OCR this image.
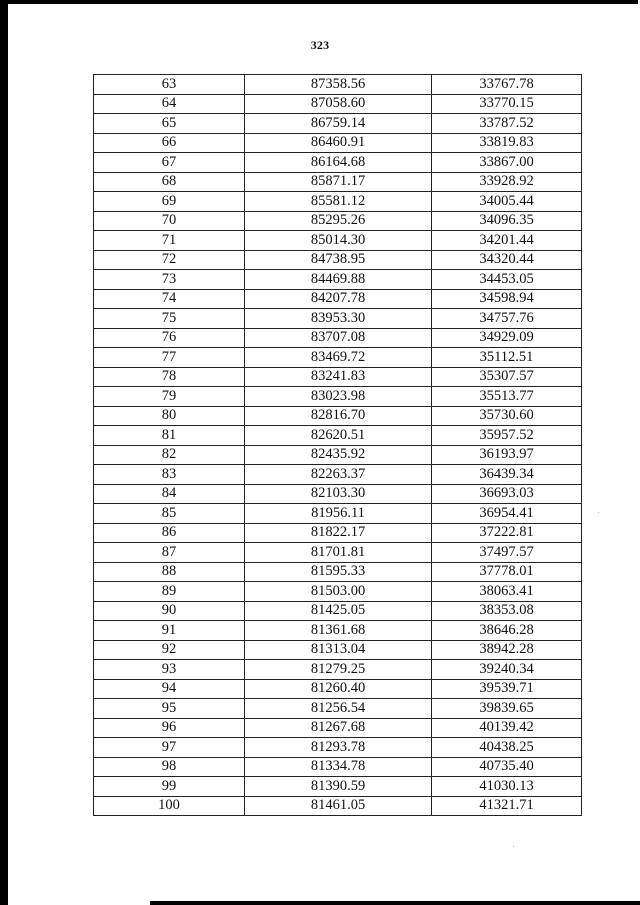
323
63	87358.56	33767.78
64	87058.60	33770.15
65	86759.14	33787.52
66	86460.91	33819.83
67	86164.68	33867.00
68	85871.17	33928.92
69	85581.12	34005.44
70	85295.26	34096.35
71	85014.30	34201.44
72	84738.95	34320.44
73	84469.88	34453.05
74	84207.78	34598.94
75	83953.30	34757.76
76	83707.08	34929.09
77	83469.72	35112.51
78	83241.83	35307.57
79	83023.98	35513.77
80	82816.70	35730.60
81	82620.51	35957.52
82	82435.92	36193.97
83	82263.37	36439.34
84	82103.30	36693.03
85	81956.11	36954.41
86	81822.17	37222.81
87	81701.81	37497.57
88	81595.33	37778.01
89	81503.00	38063.41
90	81425.05	38353.08
91	81361.68	38646.28
92	81313.04	38942.28
93	81279.25	39240.34
94	81260.40	39539.71
95	81256.54	39839.65
96	81267.68	40139.42
97	81293.78	40438.25
98	81334.78	40735.40
99	81390.59	41030.13
100	81461.05	41321.71
